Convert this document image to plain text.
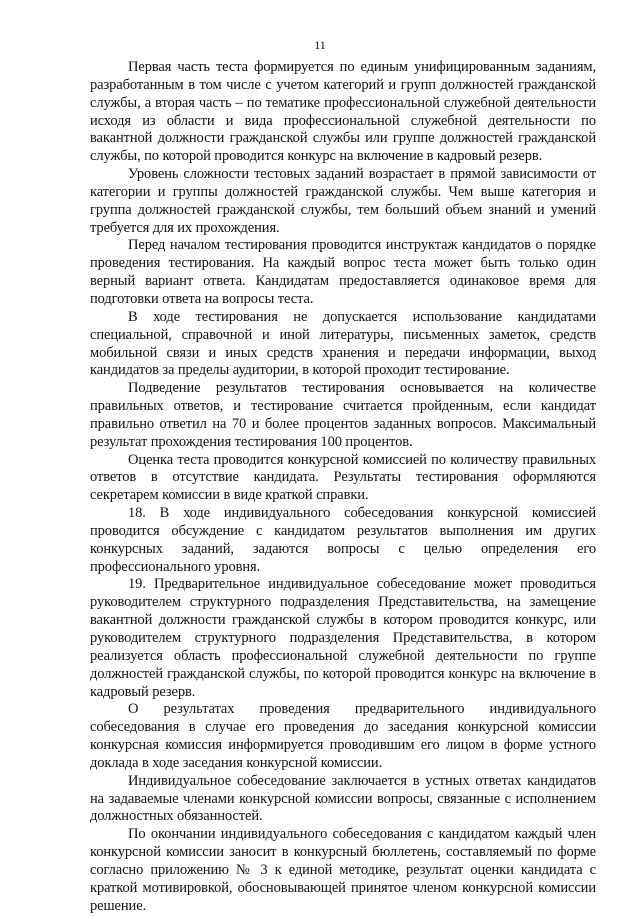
11

Первая часть теста формируется по единым унифицированным заданиям, разработанным в том числе с учетом категорий и групп должностей гражданской службы, а вторая часть – по тематике профессиональной служебной деятельности исходя из области и вида профессиональной служебной деятельности по вакантной должности гражданской службы или группе должностей гражданской службы, по которой проводится конкурс на включение в кадровый резерв.

Уровень сложности тестовых заданий возрастает в прямой зависимости от категории и группы должностей гражданской службы. Чем выше категория и группа должностей гражданской службы, тем больший объем знаний и умений требуется для их прохождения.

Перед началом тестирования проводится инструктаж кандидатов о порядке проведения тестирования. На каждый вопрос теста может быть только один верный вариант ответа. Кандидатам предоставляется одинаковое время для подготовки ответа на вопросы теста.

В ходе тестирования не допускается использование кандидатами специальной, справочной и иной литературы, письменных заметок, средств мобильной связи и иных средств хранения и передачи информации, выход кандидатов за пределы аудитории, в которой проходит тестирование.

Подведение результатов тестирования основывается на количестве правильных ответов, и тестирование считается пройденным, если кандидат правильно ответил на 70 и более процентов заданных вопросов. Максимальный результат прохождения тестирования 100 процентов.

Оценка теста проводится конкурсной комиссией по количеству правильных ответов в отсутствие кандидата. Результаты тестирования оформляются секретарем комиссии в виде краткой справки.

18. В ходе индивидуального собеседования конкурсной комиссией проводится обсуждение с кандидатом результатов выполнения им других конкурсных заданий, задаются вопросы с целью определения его профессионального уровня.

19. Предварительное индивидуальное собеседование может проводиться руководителем структурного подразделения Представительства, на замещение вакантной должности гражданской службы в котором проводится конкурс, или руководителем структурного подразделения Представительства, в котором реализуется область профессиональной служебной деятельности по группе должностей гражданской службы, по которой проводится конкурс на включение в кадровый резерв.

О результатах проведения предварительного индивидуального собеседования в случае его проведения до заседания конкурсной комиссии конкурсная комиссия информируется проводившим его лицом в форме устного доклада в ходе заседания конкурсной комиссии.

Индивидуальное собеседование заключается в устных ответах кандидатов на задаваемые членами конкурсной комиссии вопросы, связанные с исполнением должностных обязанностей.

По окончании индивидуального собеседования с кандидатом каждый член конкурсной комиссии заносит в конкурсный бюллетень, составляемый по форме согласно приложению № 3 к единой методике, результат оценки кандидата с краткой мотивировкой, обосновывающей принятое членом конкурсной комиссии решение.
